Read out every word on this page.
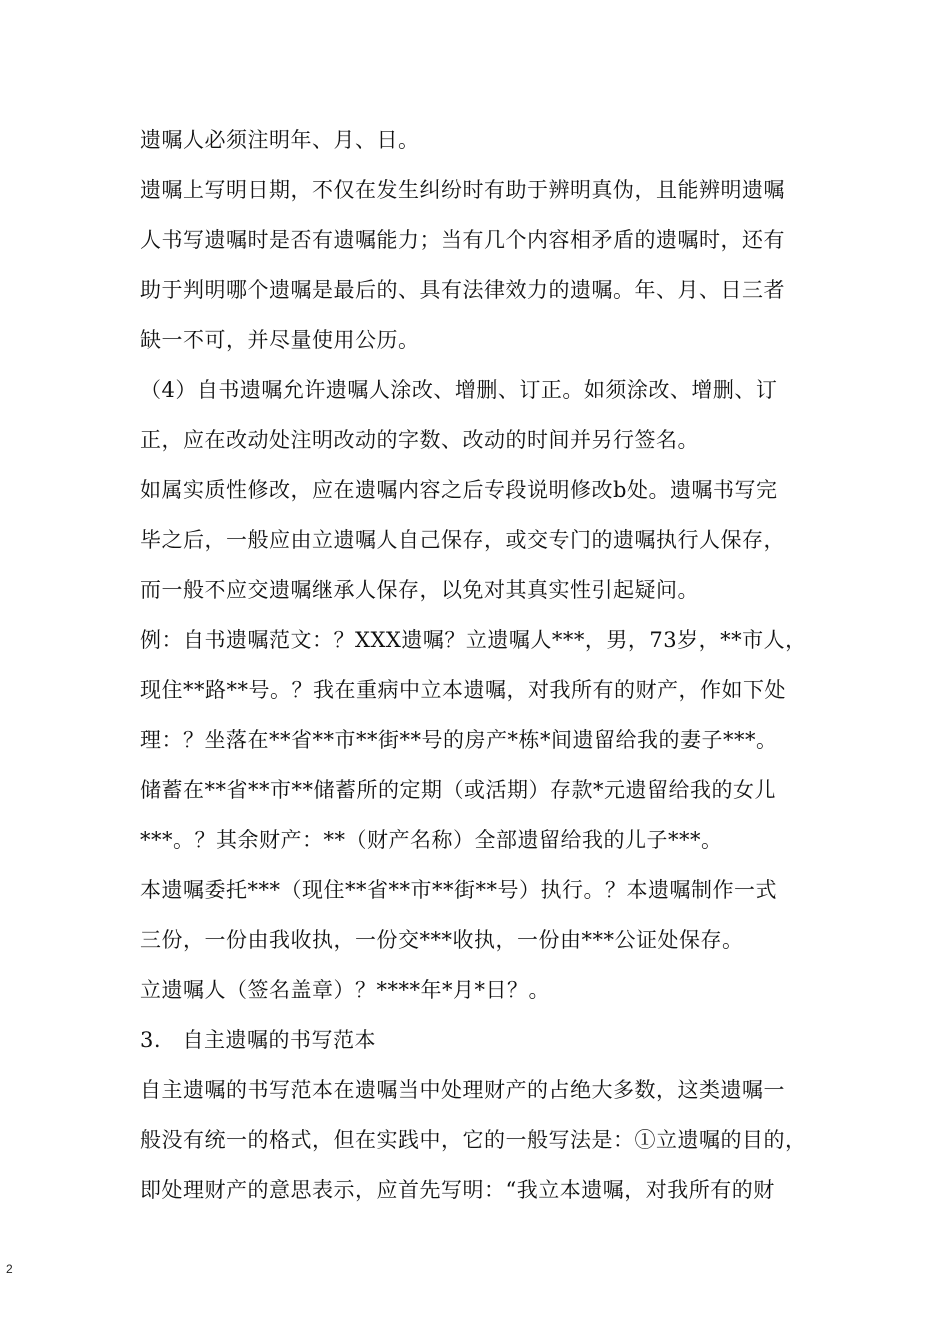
遗嘱人必须注明年、月、日。
遗嘱上写明日期，不仅在发生纠纷时有助于辨明真伪，且能辨明遗嘱
人书写遗嘱时是否有遗嘱能力；当有几个内容相矛盾的遗嘱时，还有
助于判明哪个遗嘱是最后的、具有法律效力的遗嘱。年、月、日三者
缺一不可，并尽量使用公历。
（4）自书遗嘱允许遗嘱人涂改、增删、订正。如须涂改、增删、订
正，应在改动处注明改动的字数、改动的时间并另行签名。
如属实质性修改，应在遗嘱内容之后专段说明修改b处。遗嘱书写完
毕之后，一般应由立遗嘱人自己保存，或交专门的遗嘱执行人保存，
而一般不应交遗嘱继承人保存，以免对其真实性引起疑问。
例：自书遗嘱范文：？XXX遗嘱？立遗嘱人***，男，73岁，**市人，
现住**路**号。？我在重病中立本遗嘱，对我所有的财产，作如下处
理：？坐落在**省**市**街**号的房产*栋*间遗留给我的妻子***。
储蓄在**省**市**储蓄所的定期（或活期）存款*元遗留给我的女儿
***。？其余财产：**（财产名称）全部遗留给我的儿子***。
本遗嘱委托***（现住**省**市**街**号）执行。？本遗嘱制作一式
三份，一份由我收执，一份交***收执，一份由***公证处保存。
立遗嘱人（签名盖章）？****年*月*日？。
3.　自主遗嘱的书写范本
自主遗嘱的书写范本在遗嘱当中处理财产的占绝大多数，这类遗嘱一
般没有统一的格式，但在实践中，它的一般写法是：①立遗嘱的目的，
即处理财产的意思表示，应首先写明：“我立本遗嘱，对我所有的财
2
